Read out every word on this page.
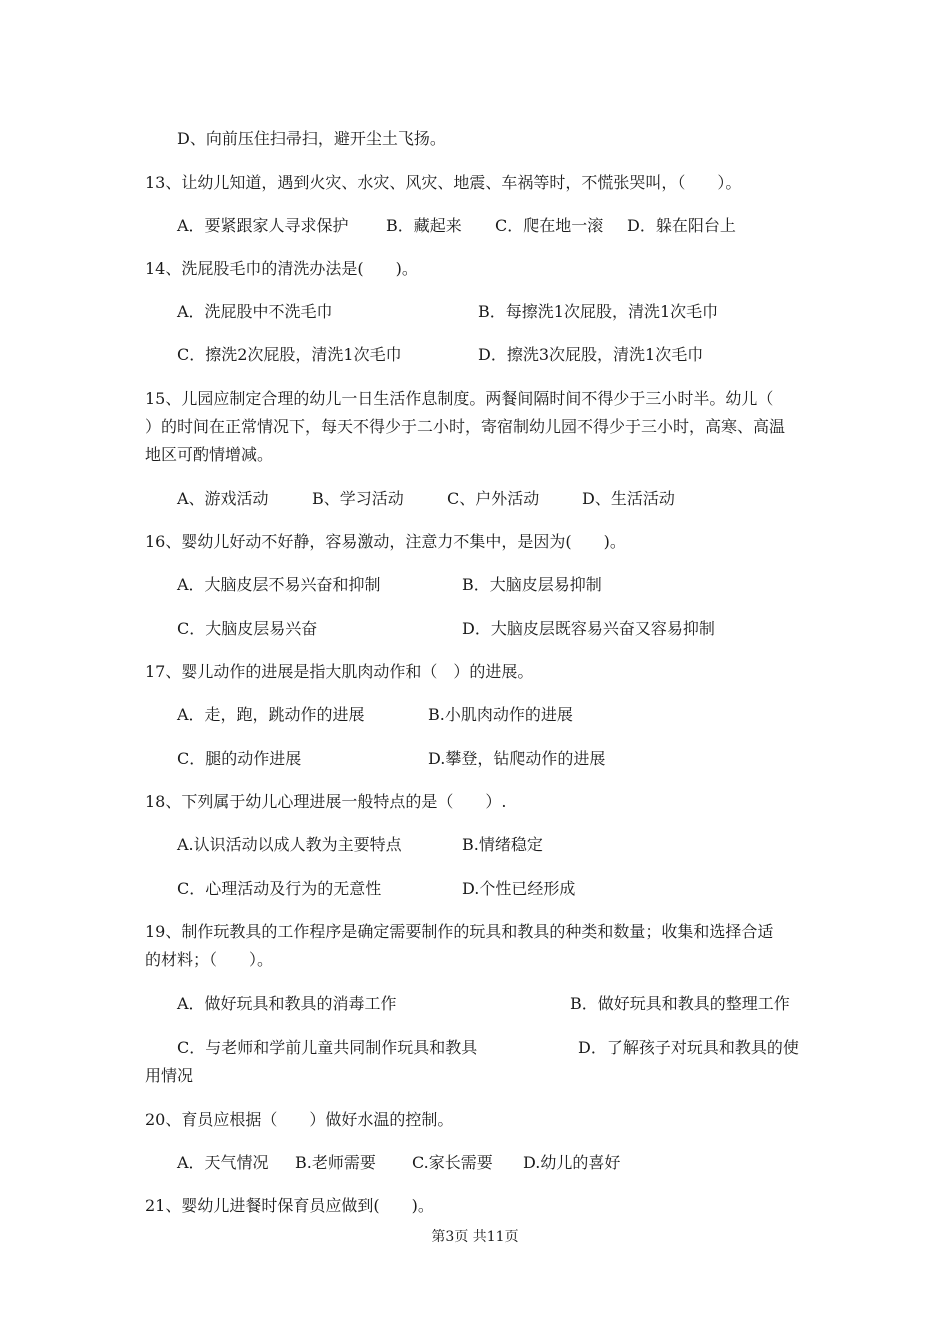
D、向前压住扫帚扫，避开尘土飞扬。
13、让幼儿知道，遇到火灾、水灾、风灾、地震、车祸等时，不慌张哭叫，（　　）。
A．要紧跟家人寻求保护 B．藏起来 C．爬在地一滚 D．躲在阳台上
14、洗屁股毛巾的清洗办法是(　　)。
A．洗屁股中不洗毛巾	B．每擦洗1次屁股，清洗1次毛巾
C．擦洗2次屁股，清洗1次毛巾	D．擦洗3次屁股，清洗1次毛巾
15、儿园应制定合理的幼儿一日生活作息制度。两餐间隔时间不得少于三小时半。幼儿（
）的时间在正常情况下，每天不得少于二小时，寄宿制幼儿园不得少于三小时，高寒、高温
地区可酌情增减。
A、游戏活动	B、学习活动	C、户外活动	D、生活活动
16、婴幼儿好动不好静，容易激动，注意力不集中，是因为(　　)。
A．大脑皮层不易兴奋和抑制	B．大脑皮层易抑制
C．大脑皮层易兴奋	D．大脑皮层既容易兴奋又容易抑制
17、婴儿动作的进展是指大肌肉动作和（　）的进展。
A．走，跑，跳动作的进展	B.小肌肉动作的进展
C．腿的动作进展	D.攀登，钻爬动作的进展
18、下列属于幼儿心理进展一般特点的是（　　）.
A.认识活动以成人教为主要特点	B.情绪稳定
C．心理活动及行为的无意性	D.个性已经形成
19、制作玩教具的工作程序是确定需要制作的玩具和教具的种类和数量；收集和选择合适
的材料；（　　）。
A．做好玩具和教具的消毒工作	B．做好玩具和教具的整理工作
C．与老师和学前儿童共同制作玩具和教具	D．了解孩子对玩具和教具的使
用情况
20、育员应根据（　　）做好水温的控制。
A．天气情况 B.老师需要 C.家长需要 D.幼儿的喜好
21、婴幼儿进餐时保育员应做到(　　)。
第3页 共11页
